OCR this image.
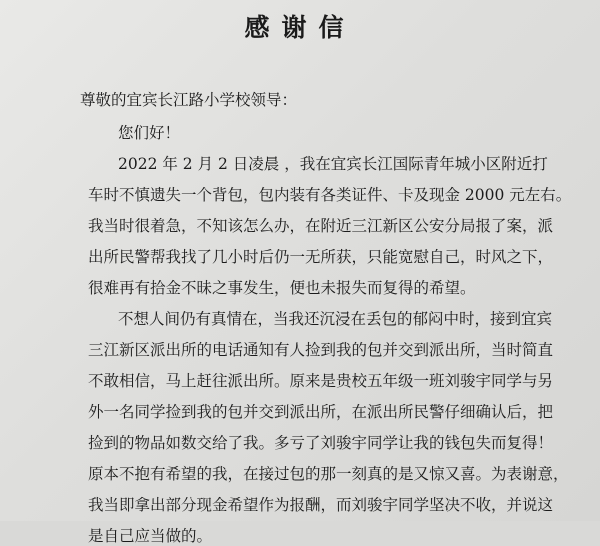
感谢信
尊敬的宜宾长江路小学校领导：
您们好！
2022 年 2 月 2 日凌晨 ，我在宜宾长江国际青年城小区附近打
车时不慎遗失一个背包，包内装有各类证件、卡及现金 2000 元左右。
我当时很着急，不知该怎么办，在附近三江新区公安分局报了案，派
出所民警帮我找了几小时后仍一无所获，只能宽慰自己，时风之下，
很难再有拾金不昧之事发生，便也未报失而复得的希望。
不想人间仍有真情在，当我还沉浸在丢包的郁闷中时，接到宜宾
三江新区派出所的电话通知有人捡到我的包并交到派出所，当时简直
不敢相信，马上赶往派出所。原来是贵校五年级一班刘骏宇同学与另
外一名同学捡到我的包并交到派出所，在派出所民警仔细确认后，把
捡到的物品如数交给了我。多亏了刘骏宇同学让我的钱包失而复得！
原本不抱有希望的我，在接过包的那一刻真的是又惊又喜。为表谢意，
我当即拿出部分现金希望作为报酬，而刘骏宇同学坚决不收，并说这
是自己应当做的。
